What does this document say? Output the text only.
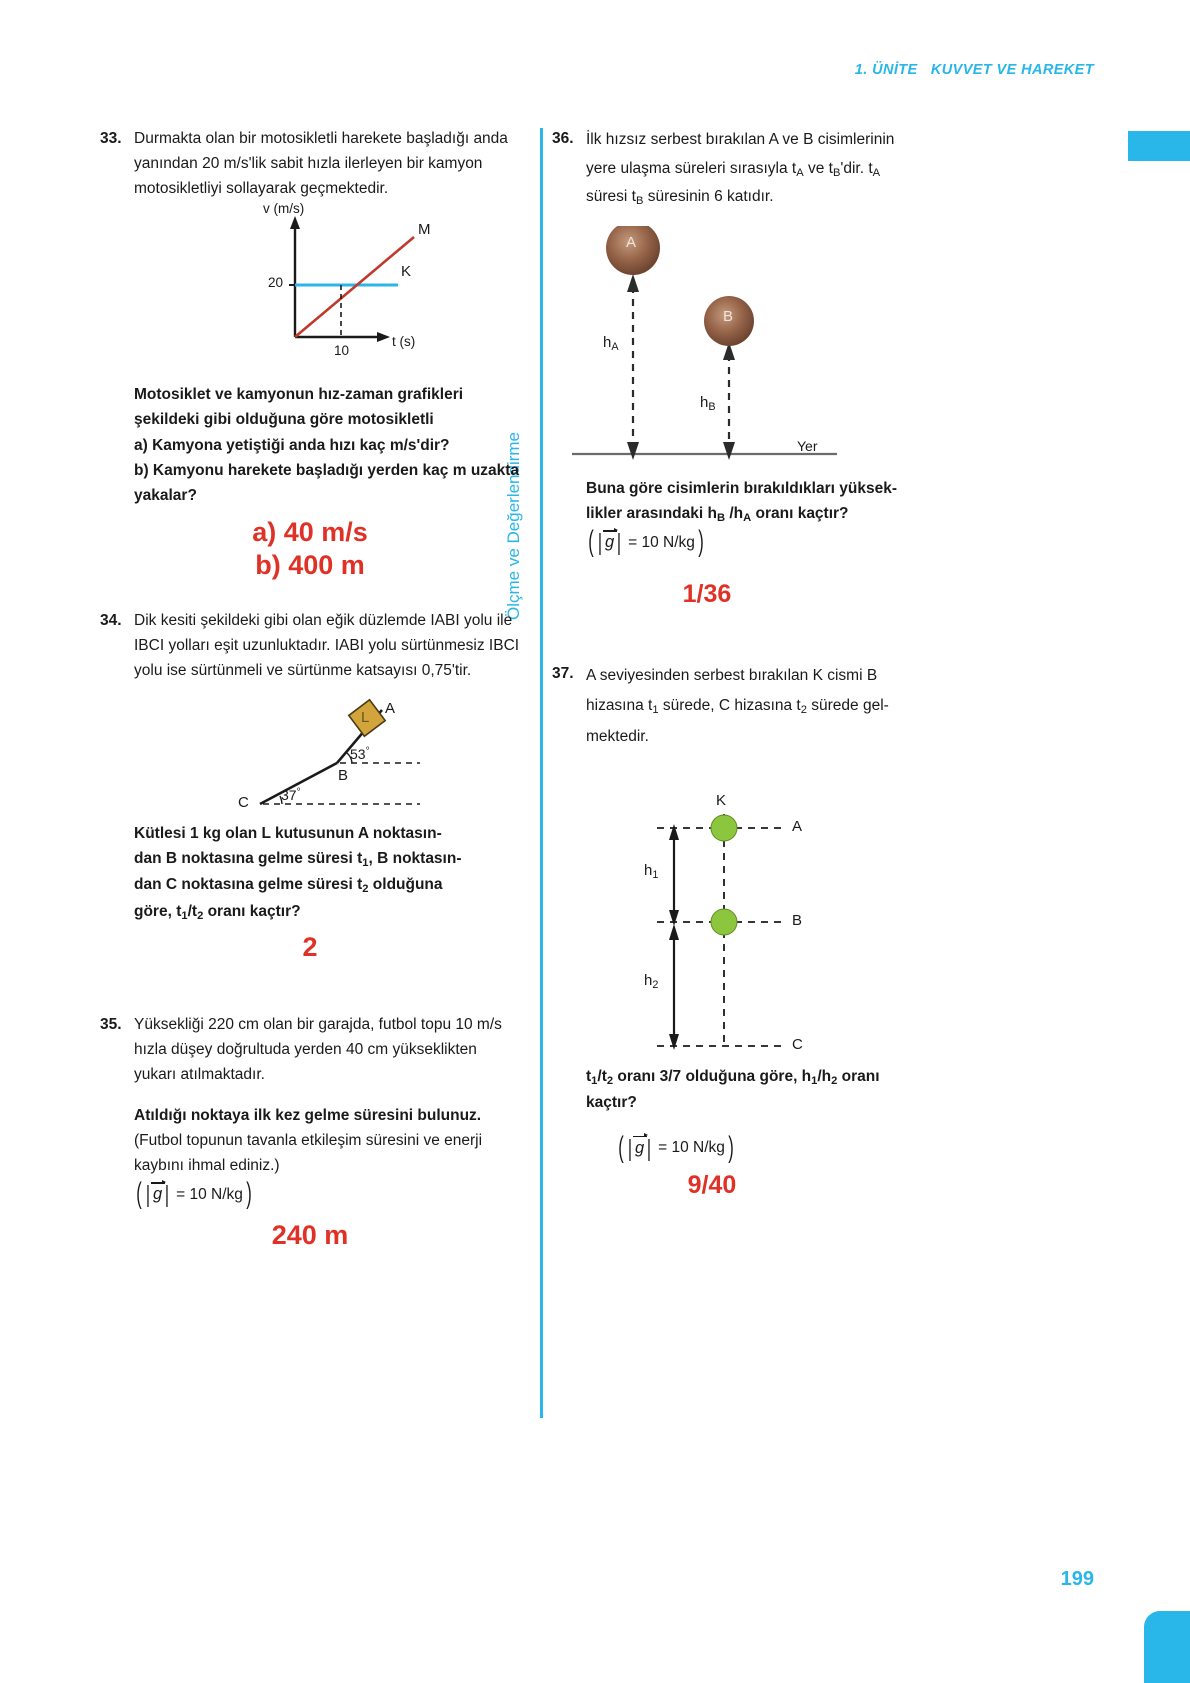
1. ÜNİTE   KUVVET VE HAREKET
199
Ölçme ve Değerlendirme
33. Durmakta olan bir motosikletli harekete başladığı anda yanından 20 m/s'lik sabit hızla ilerleyen bir kamyon motosikletliyi sollayarak geçmektedir.
v (m/s)
t (s)
20
10
M
K
Motosiklet ve kamyonun hız-zaman grafikleri şekildeki gibi olduğuna göre motosikletli
a) Kamyona yetiştiği anda hızı kaç m/s'dir?
b) Kamyonu harekete başladığı yerden kaç m uzakta yakalar?
a) 40 m/s
b) 400 m
34. Dik kesiti şekildeki gibi olan eğik düzlemde IABI yolu ile IBCI yolları eşit uzunluktadır. IABI yolu sürtünmesiz IBCI yolu ise sürtünmeli ve sürtünme katsayısı 0,75'tir.
L
A
B
C
53°
37°
Kütlesi 1 kg olan L kutusunun A noktasın-
dan B noktasına gelme süresi $t_1$, B noktasın-
dan C noktasına gelme süresi $t_2$ olduğuna
göre, $t_1/t_2$ oranı kaçtır?
2
35. Yüksekliği 220 cm olan bir garajda, futbol topu 10 m/s hızla düşey doğrultuda yerden 40 cm yükseklikten yukarı atılmaktadır.
Atıldığı noktaya ilk kez gelme süresini bulunuz.
(Futbol topunun tavanla etkileşim süresini ve enerji kaybını ihmal ediniz.)
( | g | = 10 N/kg )
240 m
36. İlk hızsız serbest bırakılan A ve B cisimlerinin
yere ulaşma süreleri sırasıyla $t_A$ ve $t_B'dir$. $t_A$
süresi $t_B$ süresinin 6 katıdır.
A
B
$h_A$
$h_B$
Yer
Buna göre cisimlerin bırakıldıkları yüksek-
likler arasındaki $h_B$ $/h_A$ oranı kaçtır?
( | g | = 10 N/kg )
1/36
37. A seviyesinden serbest bırakılan K cismi B
hizasına $t_1$ sürede, C hizasına $t_2$ sürede gel-
mektedir.
K
A
B
C
$h_1$
$h_2$
$t_1/t_2$ oranı 3/7 olduğuna göre, $h_1/h_2$ oranı
kaçtır?
( | g | = 10 N/kg )
9/40
